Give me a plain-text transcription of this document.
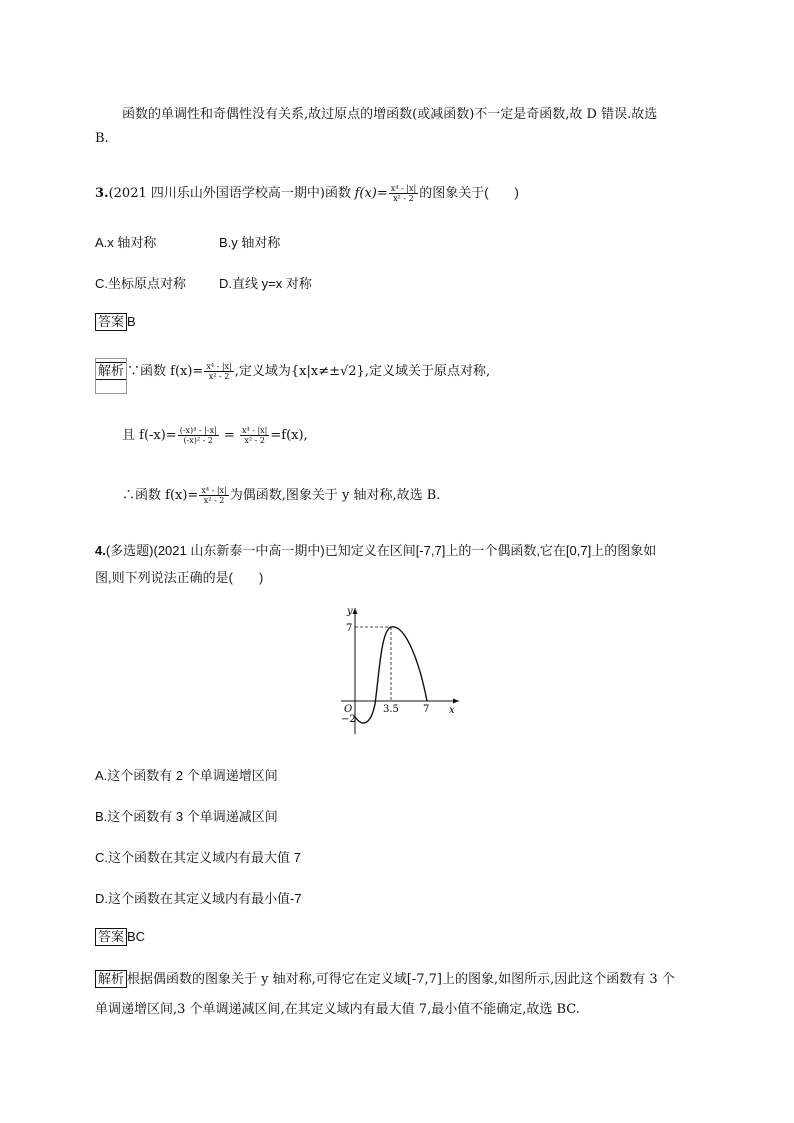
函数的单调性和奇偶性没有关系,故过原点的增函数(或减函数)不一定是奇函数,故 D 错误.故选
B.
3.(2021 四川乐山外国语学校高一期中)函数 $f(x)= \frac{\text{x⁴ - |x|}}{\text{x² - 2}}$ 的图象关于(　　)
A.x 轴对称	B.y 轴对称
C.坐标原点对称	D.直线 y=x 对称
答案 B
解析 ∵函数 $f(x)= \frac{\text{x⁴ - |x|}}{\text{x² - 2}}$ ,定义域为{x|x≠±√2},定义域关于原点对称,
且 $f(-x)= \frac{\text{(-x)⁴ - |-x|}}{\text{(-x)² - 2}} = \frac{\text{x⁴ - |x|}}{\text{x² - 2}} =f(x)$,
∴函数 $f(x)= \frac{\text{x⁴ - |x|}}{\text{x² - 2}}$ 为偶函数,图象关于 y 轴对称,故选 B.
4.(多选题)(2021 山东新泰一中高一期中)已知定义在区间[-7,7]上的一个偶函数,它在[0,7]上的图象如
图,则下列说法正确的是(　　)
y
x
O
7
−2
3.5 7
A.这个函数有 2 个单调递增区间
B.这个函数有 3 个单调递减区间
C.这个函数在其定义域内有最大值 7
D.这个函数在其定义域内有最小值-7
答案 BC
解析 根据偶函数的图象关于 y 轴对称,可得它在定义域[-7,7]上的图象,如图所示,因此这个函数有 3 个
单调递增区间,3 个单调递减区间,在其定义域内有最大值 7,最小值不能确定,故选 BC.
